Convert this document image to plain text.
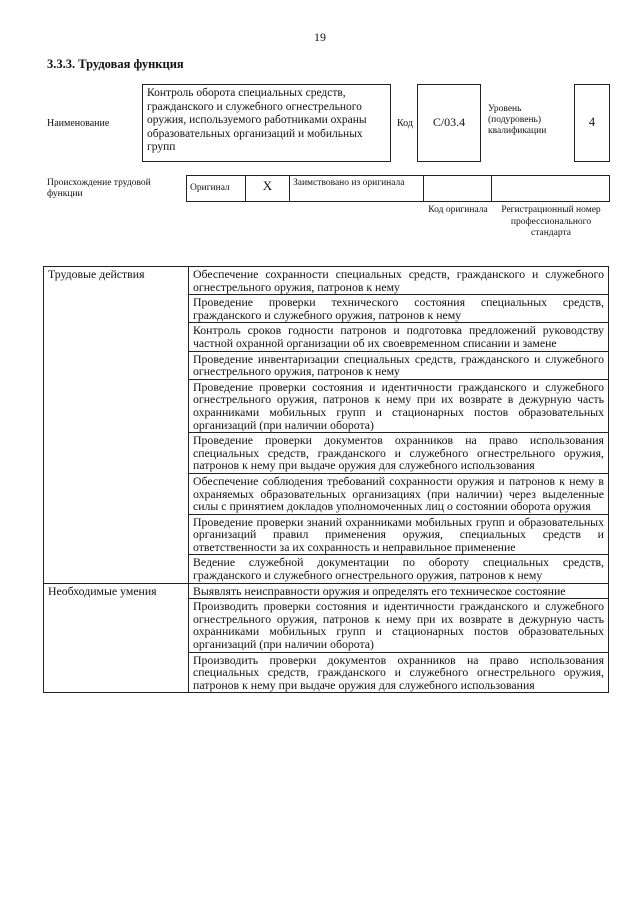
19
3.3.3. Трудовая функция
Наименование
Контроль оборота специальных средств, гражданского и служебного огнестрельного оружия, используемого работниками охраны образовательных организаций и мобильных групп
Код	C/03.4
Уровень (подуровень) квалификации
4
Происхождение трудовой функции
Оригинал	X	Заимствовано из оригинала
Код оригинала	Регистрационный номер профессионального стандарта
Трудовые действия	Обеспечение сохранности специальных средств, гражданского и служебного огнестрельного оружия, патронов к нему
	Проведение проверки технического состояния специальных средств, гражданского и служебного оружия, патронов к нему
	Контроль сроков годности патронов и подготовка предложений руководству частной охранной организации об их своевременном списании и замене
	Проведение инвентаризации специальных средств, гражданского и служебного огнестрельного оружия, патронов к нему
	Проведение проверки состояния и идентичности гражданского и служебного огнестрельного оружия, патронов к нему при их возврате в дежурную часть охранниками мобильных групп и стационарных постов образовательных организаций (при наличии оборота)
	Проведение проверки документов охранников на право использования специальных средств, гражданского и служебного огнестрельного оружия, патронов к нему при выдаче оружия для служебного использования
	Обеспечение соблюдения требований сохранности оружия и патронов к нему в охраняемых образовательных организациях (при наличии) через выделенные силы с принятием докладов уполномоченных лиц о состоянии оборота оружия
	Проведение проверки знаний охранниками мобильных групп и образовательных организаций правил применения оружия, специальных средств и ответственности за их сохранность и неправильное применение
	Ведение служебной документации по обороту специальных средств, гражданского и служебного огнестрельного оружия, патронов к нему
Необходимые умения	Выявлять неисправности оружия и определять его техническое состояние
	Производить проверки состояния и идентичности гражданского и служебного огнестрельного оружия, патронов к нему при их возврате в дежурную часть охранниками мобильных групп и стационарных постов образовательных организаций (при наличии оборота)
	Производить проверки документов охранников на право использования специальных средств, гражданского и служебного огнестрельного оружия, патронов к нему при выдаче оружия для служебного использования
